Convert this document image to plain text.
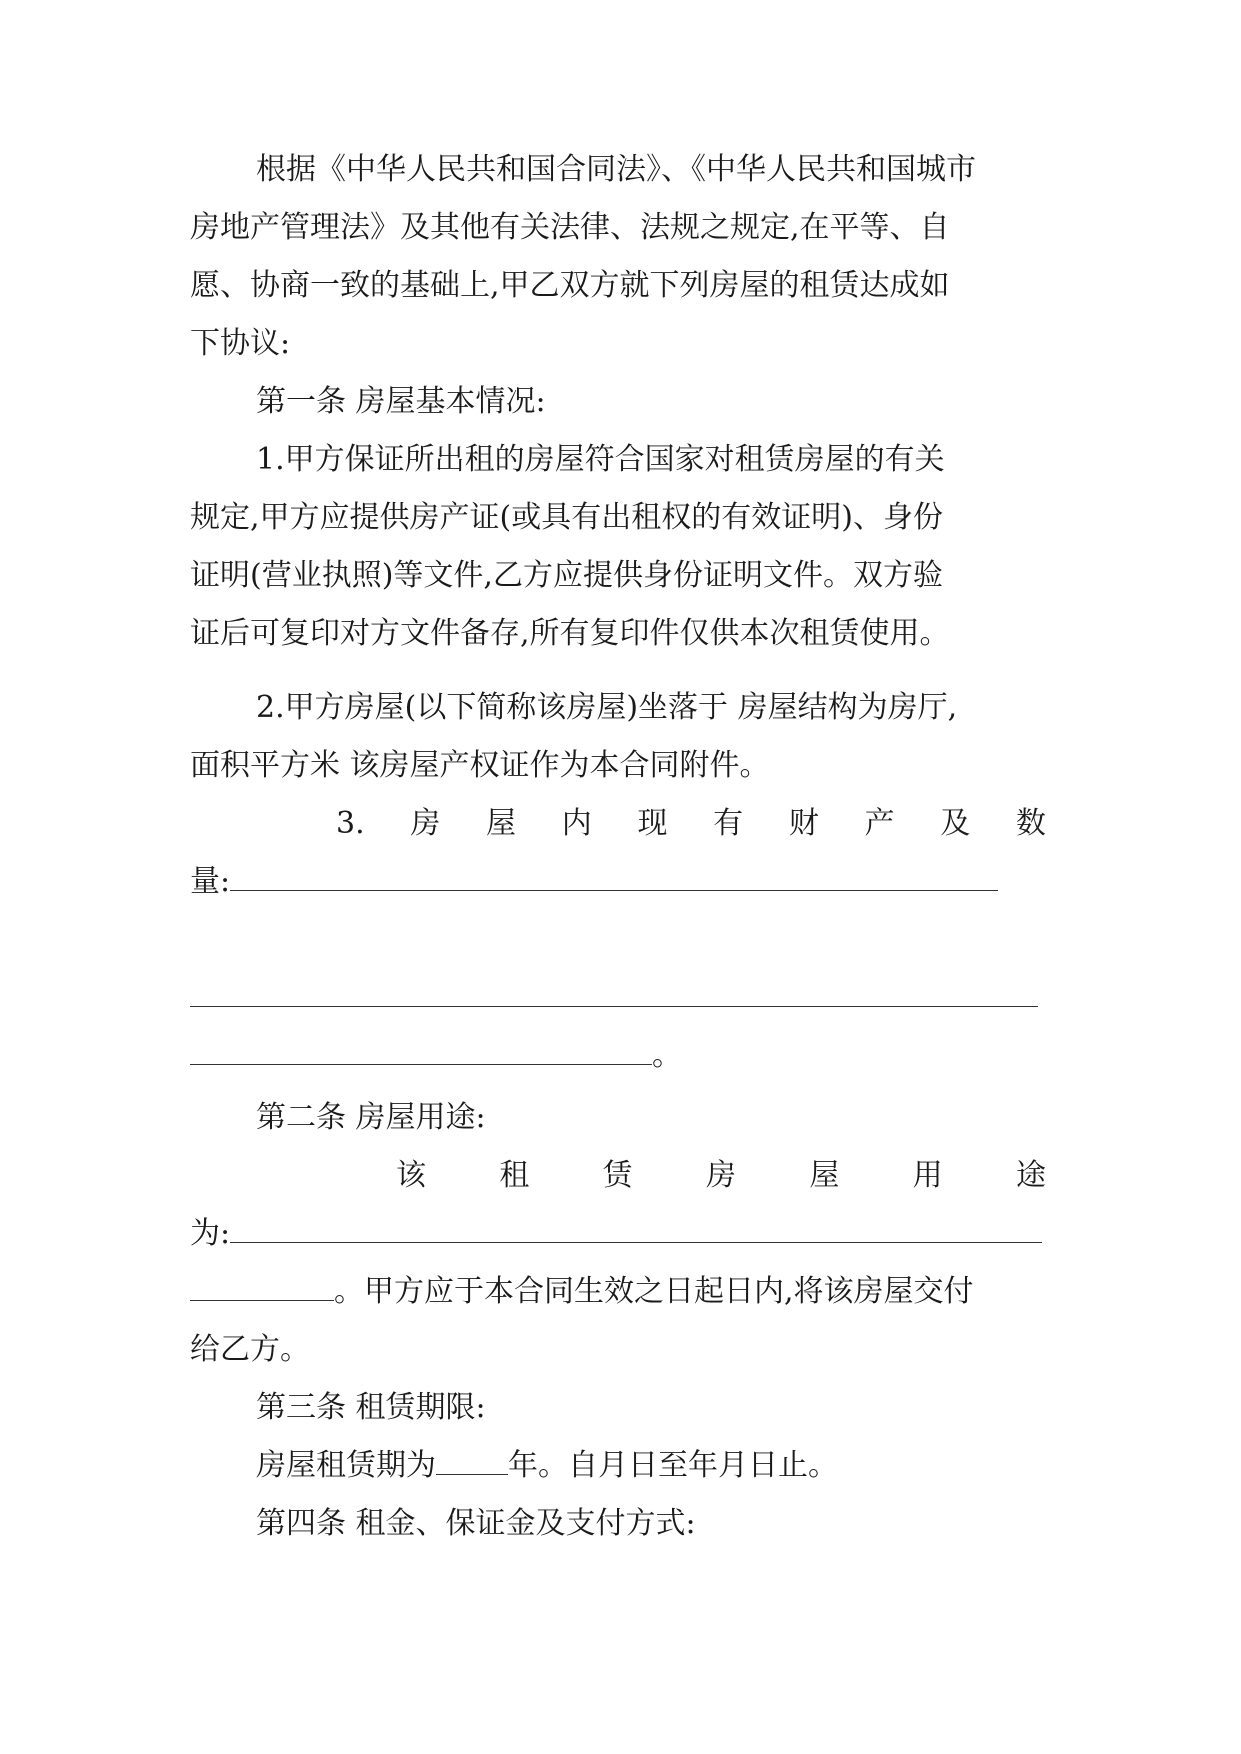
根据《中华人民共和国合同法》、《中华人民共和国城市
房地产管理法》及其他有关法律、法规之规定,在平等、自
愿、协商一致的基础上,甲乙双方就下列房屋的租赁达成如
下协议:
第一条 房屋基本情况:
1.甲方保证所出租的房屋符合国家对租赁房屋的有关
规定,甲方应提供房产证(或具有出租权的有效证明)、身份
证明(营业执照)等文件,乙方应提供身份证明文件。双方验
证后可复印对方文件备存,所有复印件仅供本次租赁使用。
2.甲方房屋(以下简称该房屋)坐落于 房屋结构为房厅,
面积平方米 该房屋产权证作为本合同附件。
3. 房 屋 内 现 有 财 产 及 数
量:
。
第二条 房屋用途:
该 租 赁 房 屋 用 途
为:
。甲方应于本合同生效之日起日内,将该房屋交付
给乙方。
第三条 租赁期限:
房屋租赁期为 年。自月日至年月日止。
第四条 租金、保证金及支付方式:
